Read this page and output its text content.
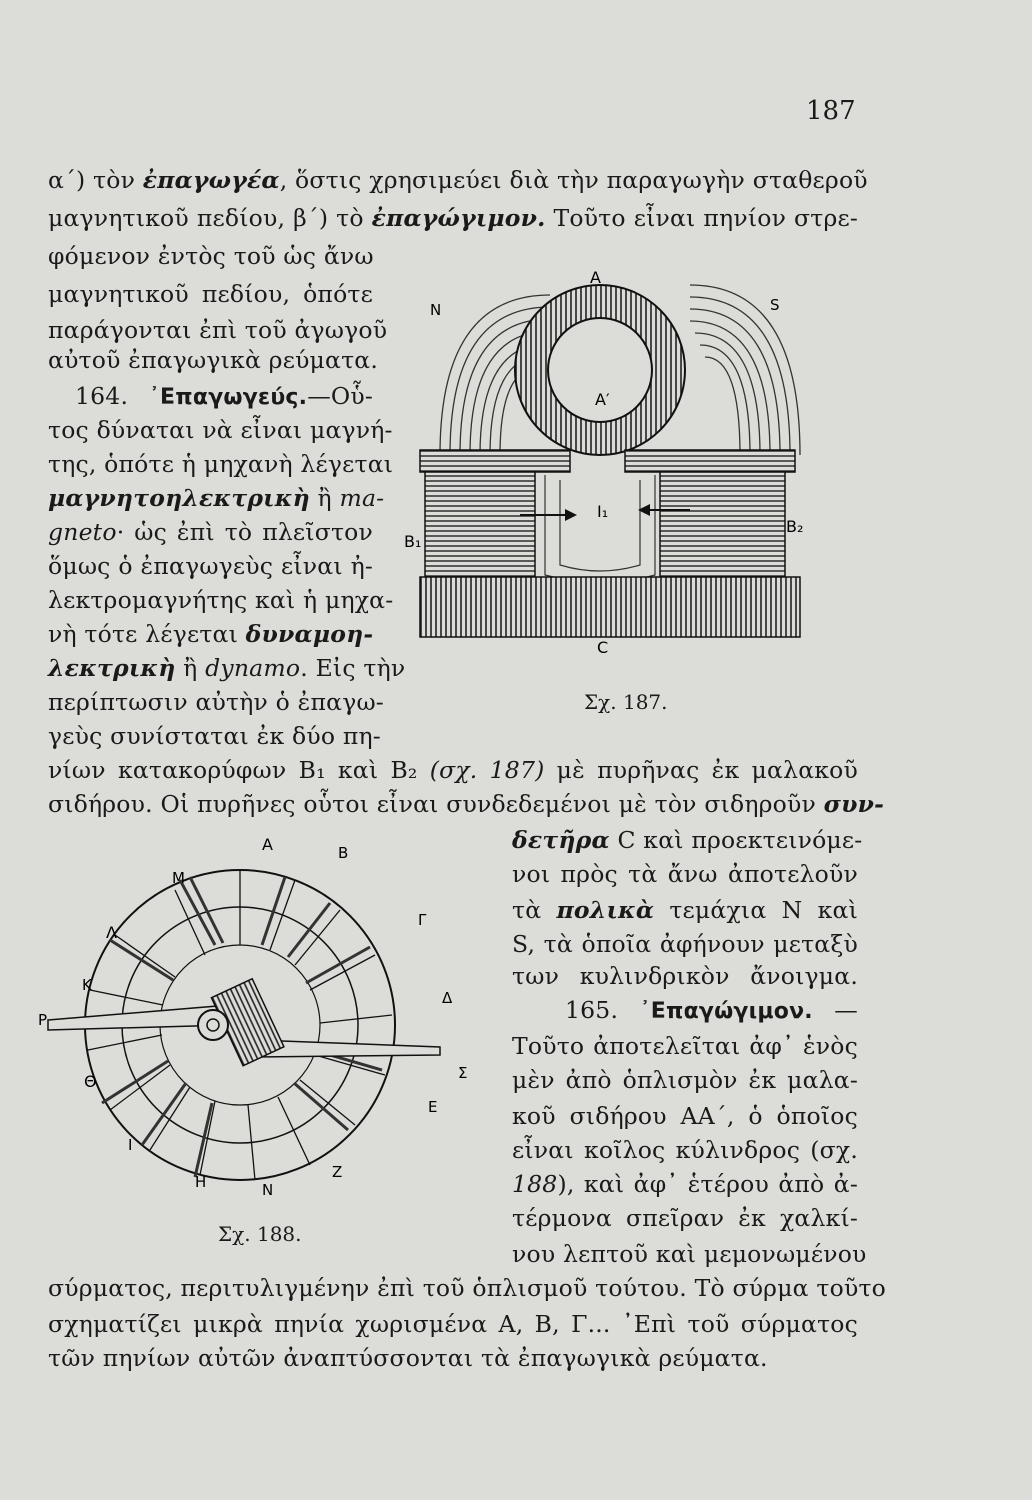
187
α΄) τὸν ἐπαγωγέα, ὅστις χρησιμεύει διὰ τὴν παραγωγὴν σταθεροῦ
μαγνητικοῦ πεδίου, β΄) τὸ ἐπαγώγιμον. Τοῦτο εἶναι πηνίον στρε-
φόμενον ἐντὸς τοῦ ὡς ἄνω
μαγνητικοῦ πεδίου, ὁπότε
παράγονται ἐπὶ τοῦ ἀγωγοῦ
αὐτοῦ ἐπαγωγικὰ ρεύματα.
164. ᾿Επαγωγεύς.—Οὗ-
τος δύναται νὰ εἶναι μαγνή-
της, ὁπότε ἡ μηχανὴ λέγεται
μαγνητοηλεκτρικὴ ἢ ma-
gneto· ὡς ἐπὶ τὸ πλεῖστον
ὅμως ὁ ἐπαγωγεὺς εἶναι ἠ-
λεκτρομαγνήτης καὶ ἡ μηχα-
νὴ τότε λέγεται δυναμοη-
λεκτρικὴ ἢ dynamo. Εἰς τὴν
περίπτωσιν αὐτὴν ὁ ἐπαγω-
γεὺς συνίσταται ἐκ δύο πη-
νίων κατακορύφων B₁ καὶ B₂ (σχ. 187) μὲ πυρῆνας ἐκ μαλακοῦ
σιδήρου. Οἱ πυρῆνες οὗτοι εἶναι συνδεδεμένοι μὲ τὸν σιδηροῦν συν-
δετῆρα C καὶ προεκτεινόμε-
νοι πρὸς τὰ ἄνω ἀποτελοῦν
τὰ πολικὰ τεμάχια N καὶ
S, τὰ ὁποῖα ἀφήνουν μεταξὺ
των κυλινδρικὸν ἄνοιγμα.
165. ᾿Επαγώγιμον. —
Τοῦτο ἀποτελεῖται ἀφ᾿ ἑνὸς
μὲν ἀπὸ ὁπλισμὸν ἐκ μαλα-
κοῦ σιδήρου AA΄, ὁ ὁποῖος
εἶναι κοῖλος κύλινδρος (σχ.
188), καὶ ἀφ᾿ ἑτέρου ἀπὸ ἀ-
τέρμονα σπεῖραν ἐκ χαλκί-
νου λεπτοῦ καὶ μεμονωμένου
σύρματος, περιτυλιγμένην ἐπὶ τοῦ ὁπλισμοῦ τούτου. Τὸ σύρμα τοῦτο
σχηματίζει μικρὰ πηνία χωρισμένα A, B, Γ... ᾿Επὶ τοῦ σύρματος
τῶν πηνίων αὐτῶν ἀναπτύσσονται τὰ ἐπαγωγικὰ ρεύματα.
A
A′
N	S
I₁
B₁
B₂
C
Σχ. 187.
A	B
Γ
Δ
E
Σ
Z
N
H
I
Θ
P
K
Λ
M
Σχ. 188.
